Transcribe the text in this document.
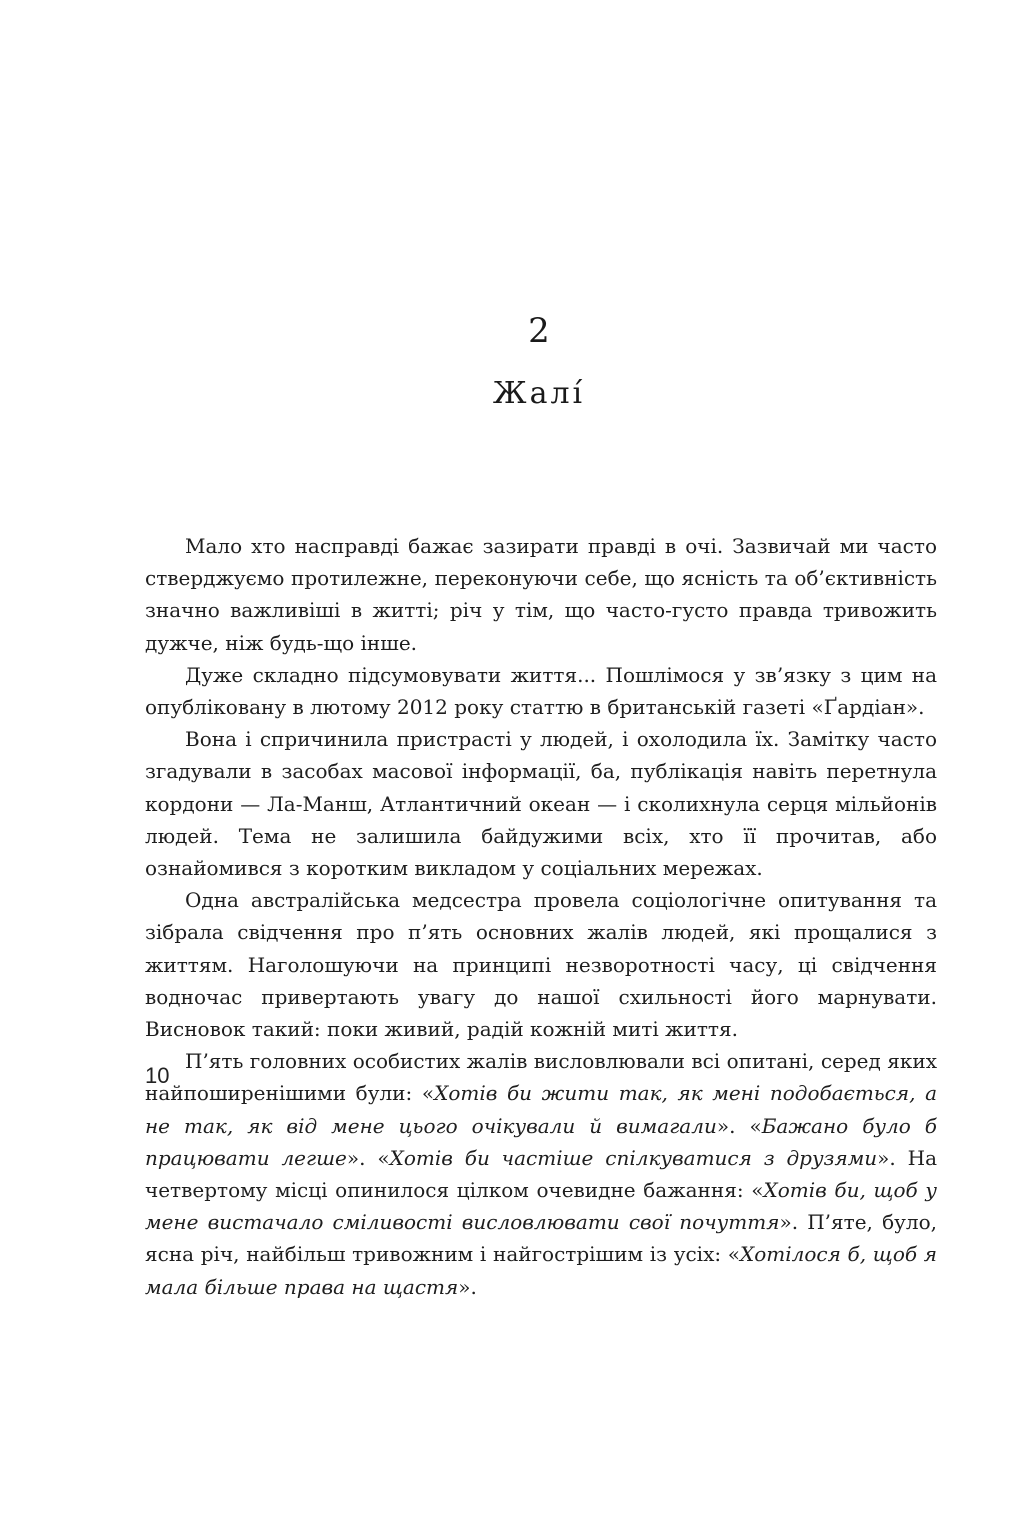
2
Жалі́

Мало хто насправді бажає зазирати правді в очі. Зазвичай ми часто стверджуємо протилежне, переконуючи себе, що ясність та об’єктивність значно важливіші в житті; річ у тім, що часто-густо правда тривожить дужче, ніж будь-що інше.

Дуже складно підсумовувати життя... Пошлімося у зв’язку з цим на опубліковану в лютому 2012 року статтю в британській газеті «Ґардіан».

Вона і спричинила пристрасті у людей, і охолодила їх. Замітку часто згадували в засобах масової інформації, ба, публікація навіть перетнула кордони — Ла-Манш, Атлантичний океан — і сколихнула серця мільйонів людей. Тема не залишила байдужими всіх, хто її прочитав, або ознайомився з коротким викладом у соціальних мережах.

Одна австралійська медсестра провела соціологічне опитування та зібрала свідчення про п’ять основних жалів людей, які прощалися з життям. Наголошуючи на принципі незворотності часу, ці свідчення водночас привертають увагу до нашої схильності його марнувати. Висновок такий: поки живий, радій кожній миті життя.

П’ять головних особистих жалів висловлювали всі опитані, серед яких найпоширенішими були: «Хотів би жити так, як мені подобається, а не так, як від мене цього очікували й вимагали». «Бажано було б працювати легше». «Хотів би частіше спілкуватися з друзями». На четвертому місці опинилося цілком очевидне бажання: «Хотів би, щоб у мене вистачало сміливості висловлювати свої почуття». П’яте, було, ясна річ, найбільш тривожним і найгострішим із усіх: «Хотілося б, щоб я мала більше права на щастя».

10
